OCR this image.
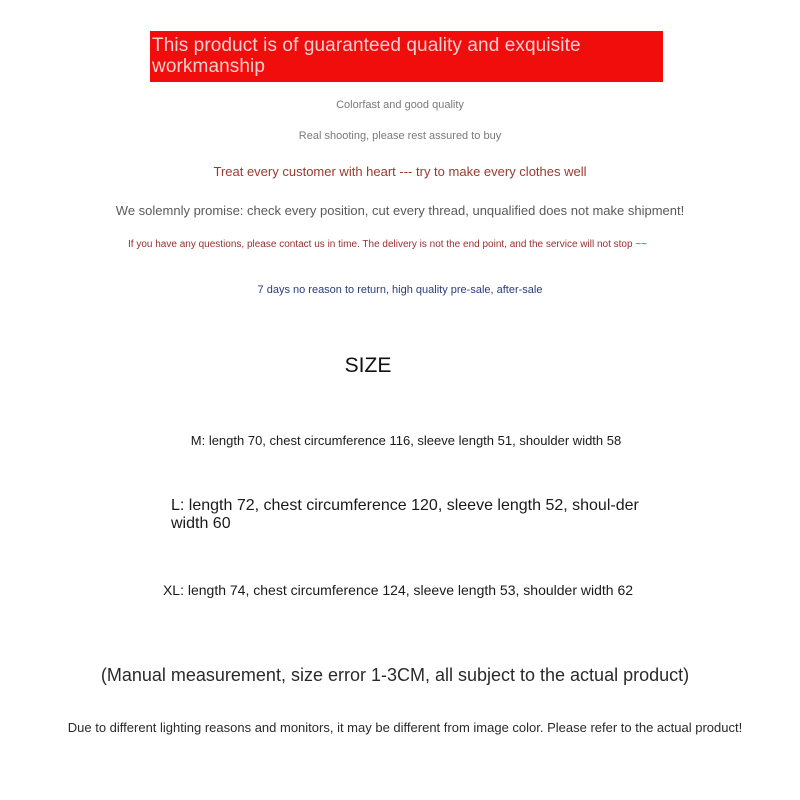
This product is of guaranteed quality and exquisite workmanship
Colorfast and good quality
Real shooting, please rest assured to buy
Treat every customer with heart --- try to make every clothes well
We solemnly promise: check every position, cut every thread, unqualified does not make shipment!
If you have any questions, please contact us in time. The delivery is not the end point, and the service will not stop ~~
7 days no reason to return, high quality pre-sale, after-sale
SIZE
M: length 70, chest circumference 116, sleeve length 51, shoulder width 58
L: length 72, chest circumference 120, sleeve length 52, shoul-der width 60
XL: length 74, chest circumference 124, sleeve length 53, shoulder width 62
(Manual measurement, size error 1-3CM, all subject to the actual product)
Due to different lighting reasons and monitors, it may be different from image color. Please refer to the actual product!
